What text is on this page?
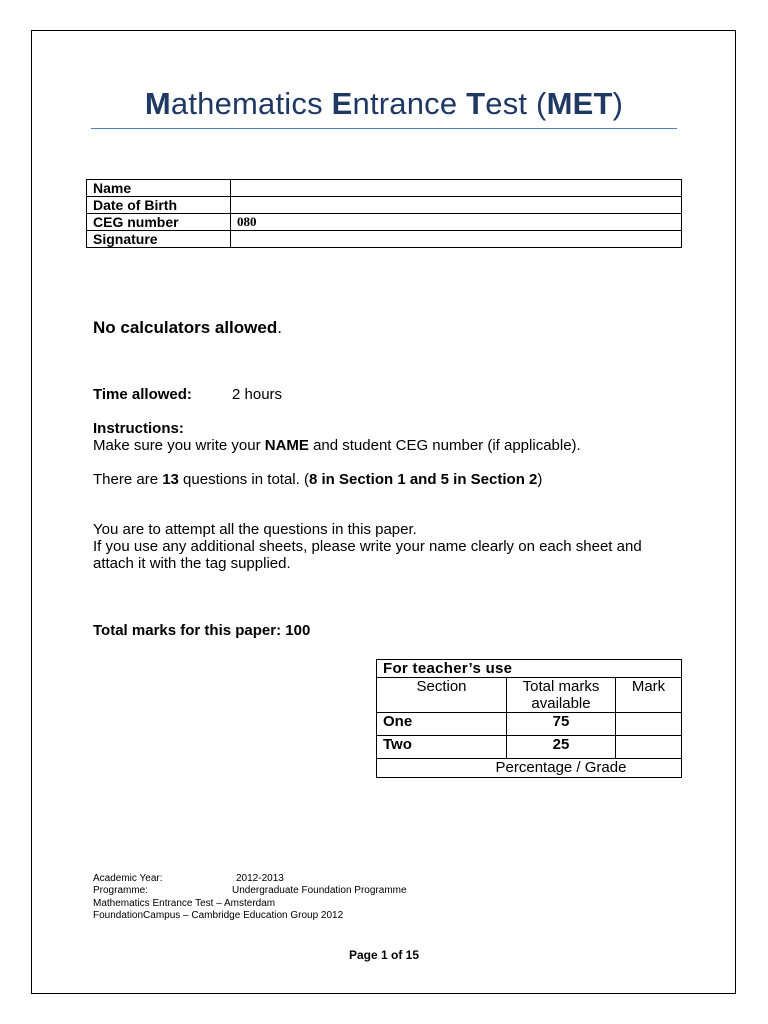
Mathematics Entrance Test (MET)
Name	
Date of Birth	
CEG number	080
Signature	
No calculators allowed.
Time allowed:	2 hours
Instructions:
Make sure you write your NAME and student CEG number (if applicable).
There are 13 questions in total. (8 in Section 1 and 5 in Section 2)
You are to attempt all the questions in this paper.
If you use any additional sheets, please write your name clearly on each sheet and
attach it with the tag supplied.
Total marks for this paper: 100
For teacher’s use		
Section	Total marks available	Mark
One	75	
Two	25	
Percentage / Grade		
Academic Year:	2012-2013
Programme:	Undergraduate Foundation Programme
Mathematics Entrance Test – Amsterdam
FoundationCampus – Cambridge Education Group 2012
Page 1 of 15
